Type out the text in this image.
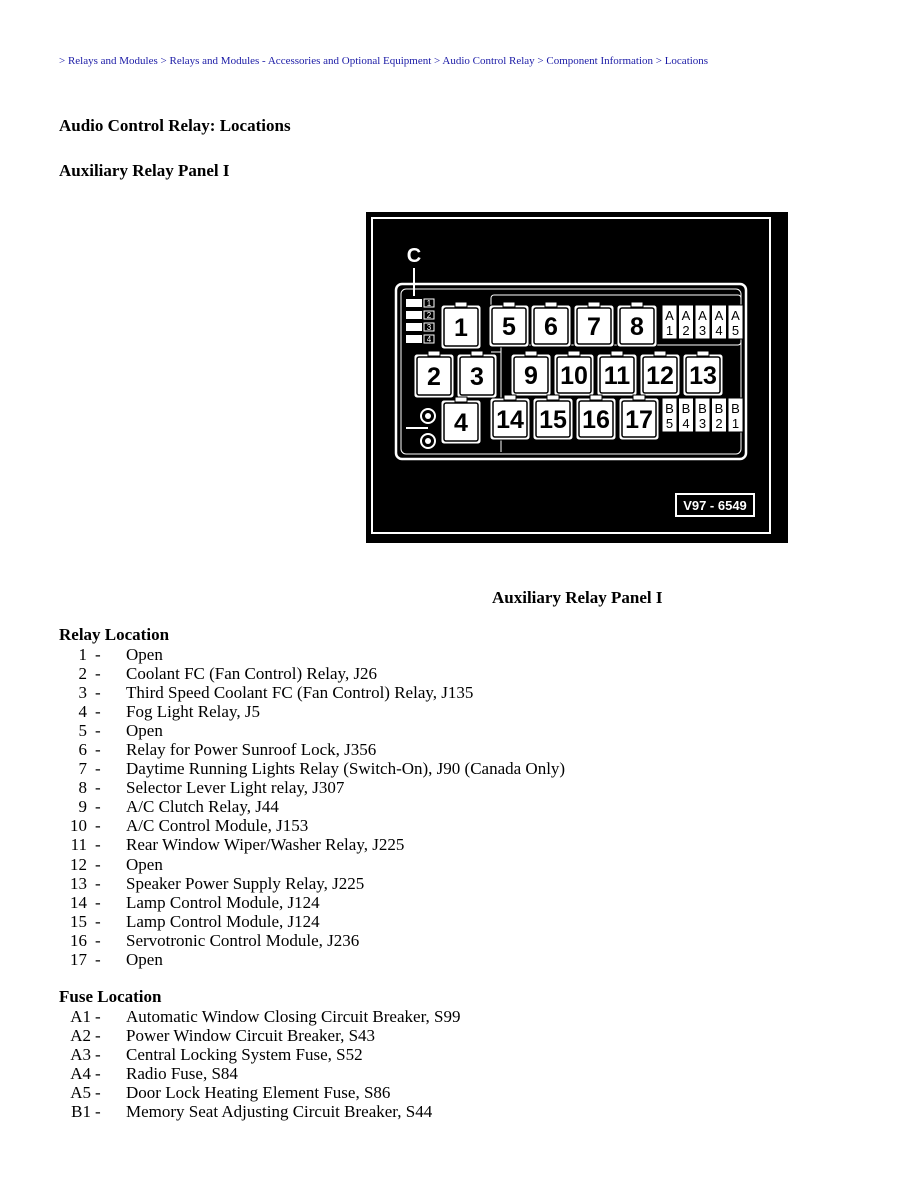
> Relays and Modules > Relays and Modules - Accessories and Optional Equipment > Audio Control Relay > Component Information > Locations
Audio Control Relay: Locations
Auxiliary Relay Panel I
C
1
2
3
4 1 5 6 7 8
2 3 9 10 11 12 13
4 14 15 16 17
A
1
A
2
A
3
A
4
A
5
B
5
B
4
B
3
B
2
B
1
V97 - 6549
Auxiliary Relay Panel I
Relay Location
1 - Open
2 - Coolant FC (Fan Control) Relay, J26
3 - Third Speed Coolant FC (Fan Control) Relay, J135
4 - Fog Light Relay, J5
5 - Open
6 - Relay for Power Sunroof Lock, J356
7 - Daytime Running Lights Relay (Switch-On), J90 (Canada Only)
8 - Selector Lever Light relay, J307
9 - A/C Clutch Relay, J44
10 - A/C Control Module, J153
11 - Rear Window Wiper/Washer Relay, J225
12 - Open
13 - Speaker Power Supply Relay, J225
14 - Lamp Control Module, J124
15 - Lamp Control Module, J124
16 - Servotronic Control Module, J236
17 - Open
Fuse Location
A1 - Automatic Window Closing Circuit Breaker, S99
A2 - Power Window Circuit Breaker, S43
A3 - Central Locking System Fuse, S52
A4 - Radio Fuse, S84
A5 - Door Lock Heating Element Fuse, S86
B1 - Memory Seat Adjusting Circuit Breaker, S44
